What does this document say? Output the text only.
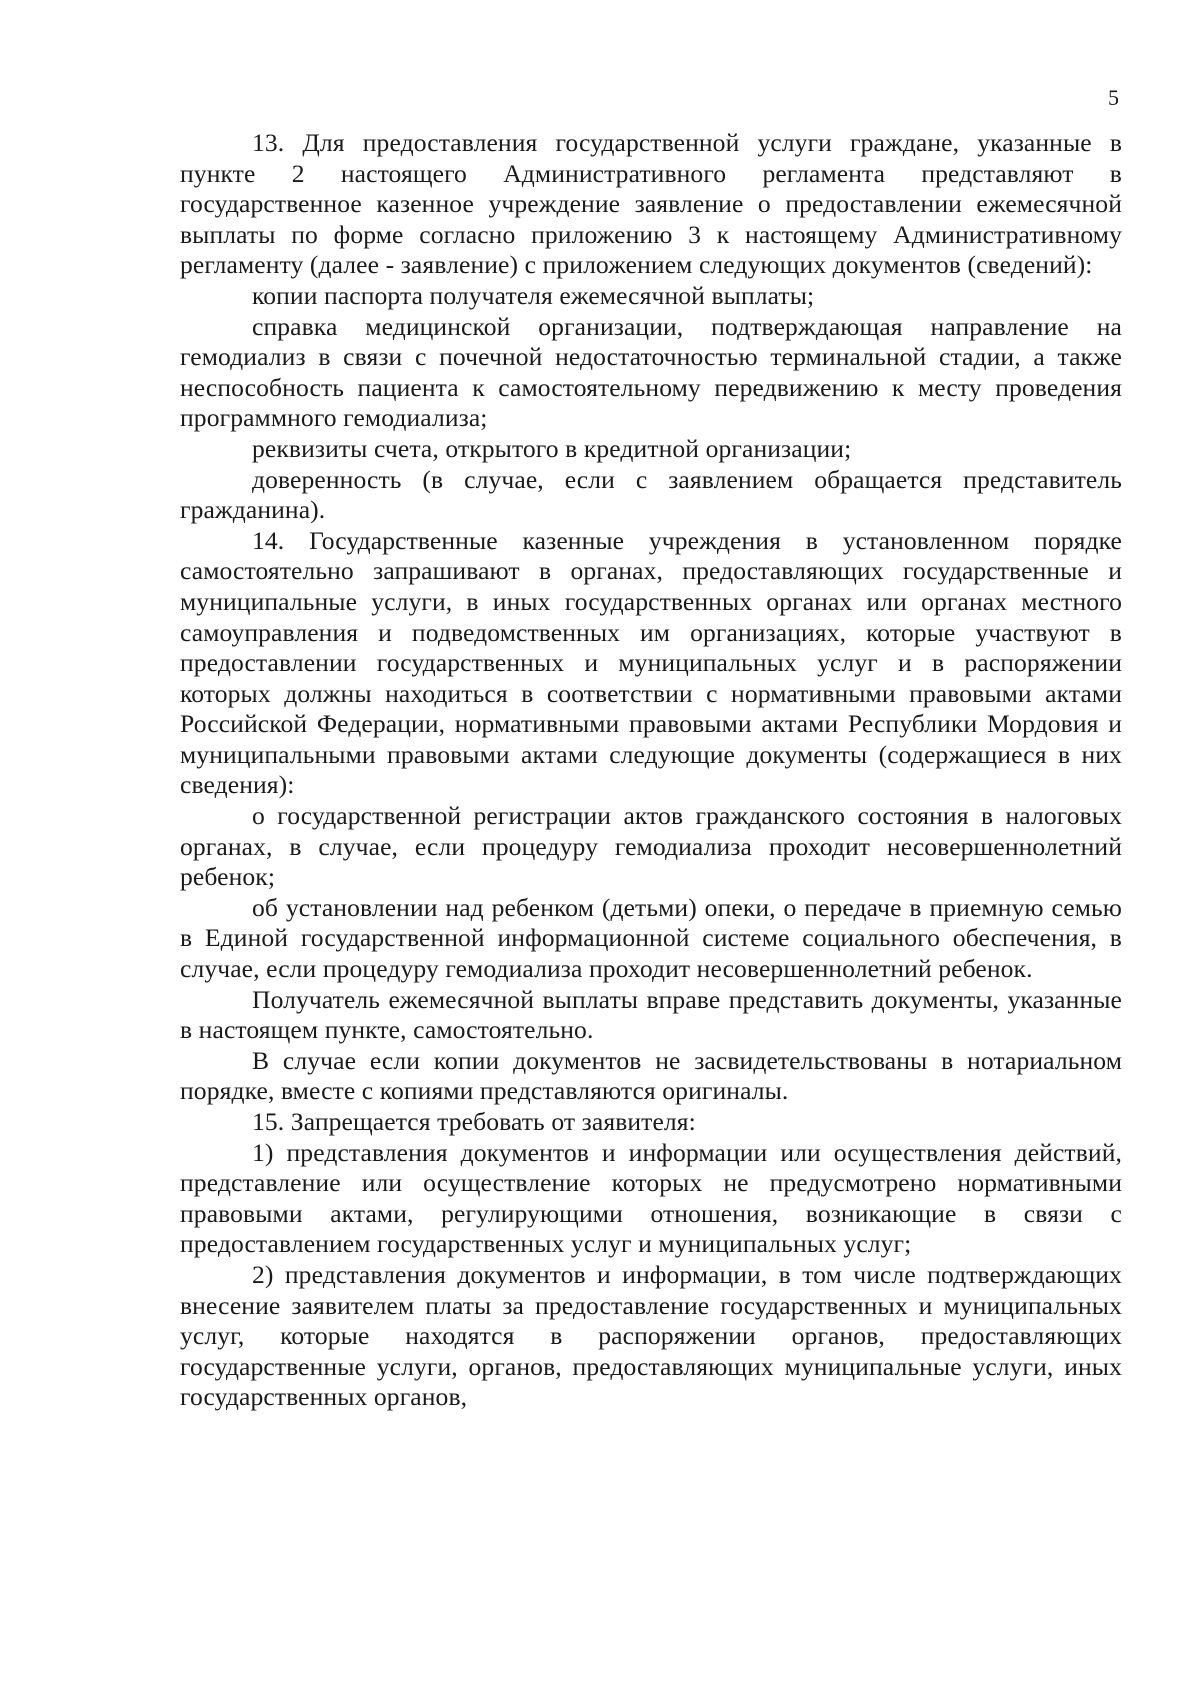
5

13. Для предоставления государственной услуги граждане, указанные в пункте 2 настоящего Административного регламента представляют в государственное казенное учреждение заявление о предоставлении ежемесячной выплаты по форме согласно приложению 3 к настоящему Административному регламенту (далее - заявление) с приложением следующих документов (сведений):

копии паспорта получателя ежемесячной выплаты;

справка медицинской организации, подтверждающая направление на гемодиализ в связи с почечной недостаточностью терминальной стадии, а также неспособность пациента к самостоятельному передвижению к месту проведения программного гемодиализа;

реквизиты счета, открытого в кредитной организации;

доверенность (в случае, если с заявлением обращается представитель гражданина).

14. Государственные казенные учреждения в установленном порядке самостоятельно запрашивают в органах, предоставляющих государственные и муниципальные услуги, в иных государственных органах или органах местного самоуправления и подведомственных им организациях, которые участвуют в предоставлении государственных и муниципальных услуг и в распоряжении которых должны находиться в соответствии с нормативными правовыми актами Российской Федерации, нормативными правовыми актами Республики Мордовия и муниципальными правовыми актами следующие документы (содержащиеся в них сведения):

о государственной регистрации актов гражданского состояния в налоговых органах, в случае, если процедуру гемодиализа проходит несовершеннолетний ребенок;

об установлении над ребенком (детьми) опеки, о передаче в приемную семью в Единой государственной информационной системе социального обеспечения, в случае, если процедуру гемодиализа проходит несовершеннолетний ребенок.

Получатель ежемесячной выплаты вправе представить документы, указанные в настоящем пункте, самостоятельно.

В случае если копии документов не засвидетельствованы в нотариальном порядке, вместе с копиями представляются оригиналы.

15. Запрещается требовать от заявителя:

1) представления документов и информации или осуществления действий, представление или осуществление которых не предусмотрено нормативными правовыми актами, регулирующими отношения, возникающие в связи с предоставлением государственных услуг и муниципальных услуг;

2) представления документов и информации, в том числе подтверждающих внесение заявителем платы за предоставление государственных и муниципальных услуг, которые находятся в распоряжении органов, предоставляющих государственные услуги, органов, предоставляющих муниципальные услуги, иных государственных органов,
